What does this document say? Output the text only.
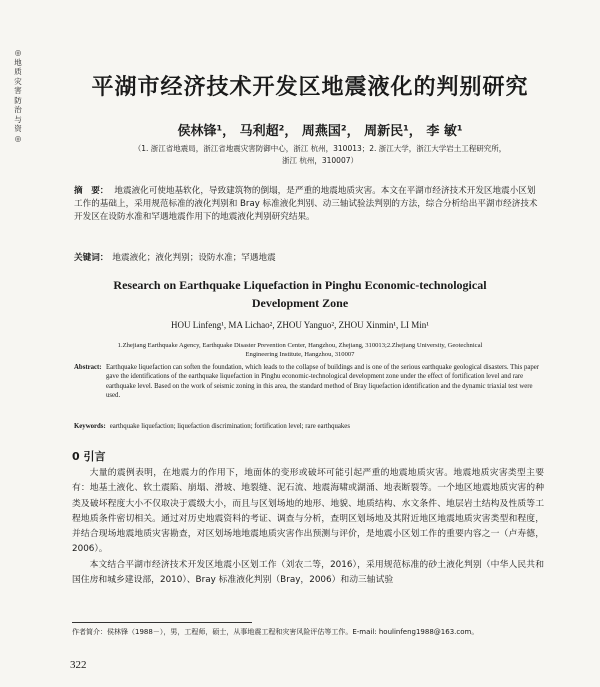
◎
地
质
灾
害
防
治
与
资
◎
平湖市经济技术开发区地震液化的判别研究
侯林锋¹， 马利超²， 周燕国²， 周新民¹， 李 敏¹
（1. 浙江省地震局，浙江省地震灾害防御中心，浙江 杭州，310013；2. 浙江大学，浙江大学岩土工程研究所，
浙江 杭州，310007）
摘　要： 地震液化可使地基软化，导致建筑物的倒塌，是严重的地震地质灾害。本文在平湖市经济技术开发区地震小区划工作的基础上，采用规范标准的液化判别和 Bray 标准液化判别、动三轴试验法判别的方法，综合分析给出平湖市经济技术开发区在设防水准和罕遇地震作用下的地震液化判别研究结果。
关键词： 地震液化；液化判别；设防水准；罕遇地震
Research on Earthquake Liquefaction in Pinghu Economic-technological
Development Zone
HOU Linfeng¹, MA Lichao², ZHOU Yanguo², ZHOU Xinmin¹, LI Min¹
1.Zhejiang Earthquake Agency, Earthquake Disaster Prevention Center, Hangzhou, Zhejiang, 310013;2.Zhejiang University, Geotechnical
Engineering Institute, Hangzhou, 310007
Abstract: Earthquake liquefaction can soften the foundation, which leads to the collapse of buildings and is one of the serious earthquake geological disasters. This paper gave the identifications of the earthquake liquefaction in Pinghu economic-technological development zone under the effect of fortification level and rare earthquake level. Based on the work of seismic zoning in this area, the standard method of Bray liquefaction identification and the dynamic triaxial test were used.
Keywords: earthquake liquefaction; liquefaction discrimination; fortification level; rare earthquakes
0 引言

大量的震例表明，在地震力的作用下，地面体的变形或破坏可能引起严重的地震地质灾害。地震地质灾害类型主要有：地基土液化、软土震陷、崩塌、滑坡、地裂缝、泥石流、地震海啸或湖涌、地表断裂等。一个地区地震地质灾害的种类及破坏程度大小不仅取决于震级大小，而且与区划场地的地形、地貌、地质结构、水文条件、地层岩土结构及性质等工程地质条件密切相关。通过对历史地震资料的考证、调查与分析，查明区划场地及其附近地区地震地质灾害类型和程度，并结合现场地震地质灾害勘查，对区划场地地震地质灾害作出预测与评价，是地震小区划工作的重要内容之一（卢寿德，2006）。

本文结合平湖市经济技术开发区地震小区划工作（刘农二等，2016），采用规范标准的砂土液化判别（中华人民共和国住房和城乡建设部，2010）、Bray 标准液化判别（Bray，2006）和动三轴试验

作者简介：侯林锋（1988－），男，工程师，硕士，从事地震工程和灾害风险评估等工作。E-mail: houlinfeng1988@163.com。
322
